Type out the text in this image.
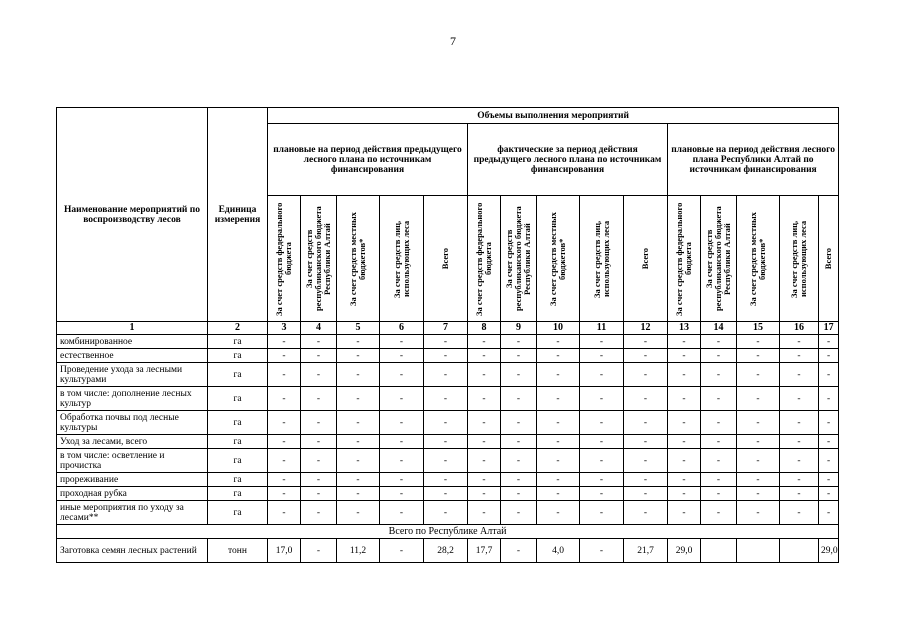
7
Наименование мероприятий по воспроизводству лесов	Единица измерения	Объемы выполнения мероприятий														
		плановые на период действия предыдущего лесного плана по источникам финансирования					фактические за период действия предыдущего лесного плана по источникам финансирования					плановые на период действия лесного плана Республики Алтай по источникам финансирования				

		За счет средств федерального бюджета	За счет средств республиканского бюджета Республики Алтай	За счет средств местных бюджетов*	За счет средств лиц, использующих леса	Всего	За счет средств федерального бюджета	За счет средств республиканского бюджета Республики Алтай	За счет средств местных бюджетов*	За счет средств лиц, использующих леса	Всего	За счет средств федерального бюджета	За счет средств республиканского бюджета Республики Алтай	За счет средств местных бюджетов*	За счет средств лиц, использующих леса	Всего

1	2	3	4	5	6	7	8	9	10	11	12	13	14	15	16	17
комбинированное	га	-	-	-	-	-	-	-	-	-	-	-	-	-	-	-
естественное	га	-	-	-	-	-	-	-	-	-	-	-	-	-	-	-
Проведение ухода за лесными культурами	га	-	-	-	-	-	-	-	-	-	-	-	-	-	-	-
в том числе: дополнение лесных культур	га	-	-	-	-	-	-	-	-	-	-	-	-	-	-	-
Обработка почвы под лесные культуры	га	-	-	-	-	-	-	-	-	-	-	-	-	-	-	-
Уход за лесами, всего	га	-	-	-	-	-	-	-	-	-	-	-	-	-	-	-
в том числе: осветление и прочистка	га	-	-	-	-	-	-	-	-	-	-	-	-	-	-	-
прореживание	га	-	-	-	-	-	-	-	-	-	-	-	-	-	-	-
проходная рубка	га	-	-	-	-	-	-	-	-	-	-	-	-	-	-	-
иные мероприятия по уходу за лесами**	га	-	-	-	-	-	-	-	-	-	-	-	-	-	-	-
Всего по Республике Алтай																
Заготовка семян лесных растений	тонн	17,0	-	11,2	-	28,2	17,7	-	4,0	-	21,7	29,0				29,0
